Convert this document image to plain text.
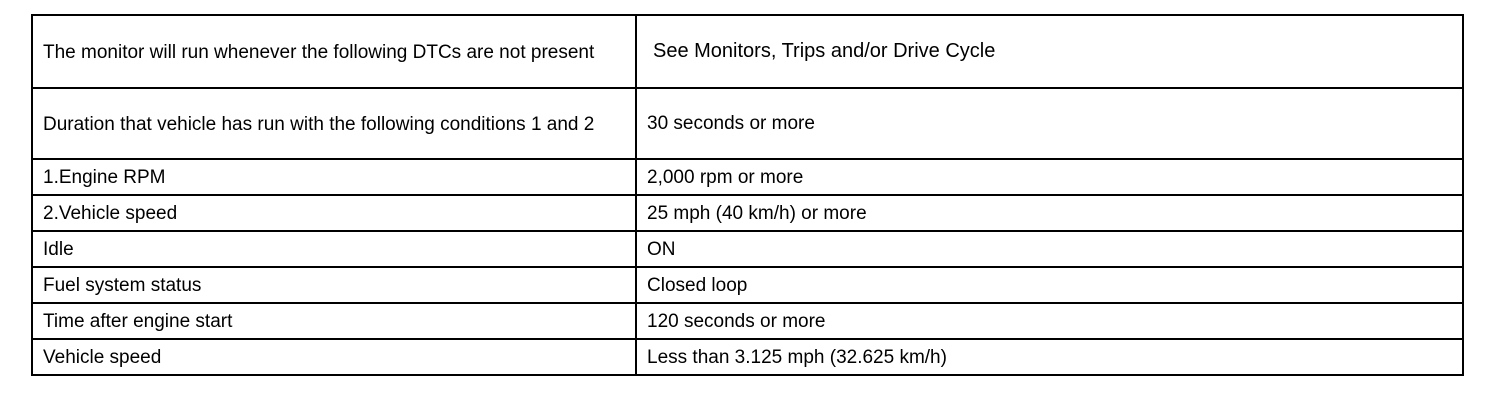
The monitor will run whenever the following DTCs are not present	See Monitors, Trips and/or Drive Cycle
Duration that vehicle has run with the following conditions 1 and 2	30 seconds or more
1.Engine RPM	2,000 rpm or more
2.Vehicle speed	25 mph (40 km/h) or more
Idle	ON
Fuel system status	Closed loop
Time after engine start	120 seconds or more
Vehicle speed	Less than 3.125 mph (32.625 km/h)
